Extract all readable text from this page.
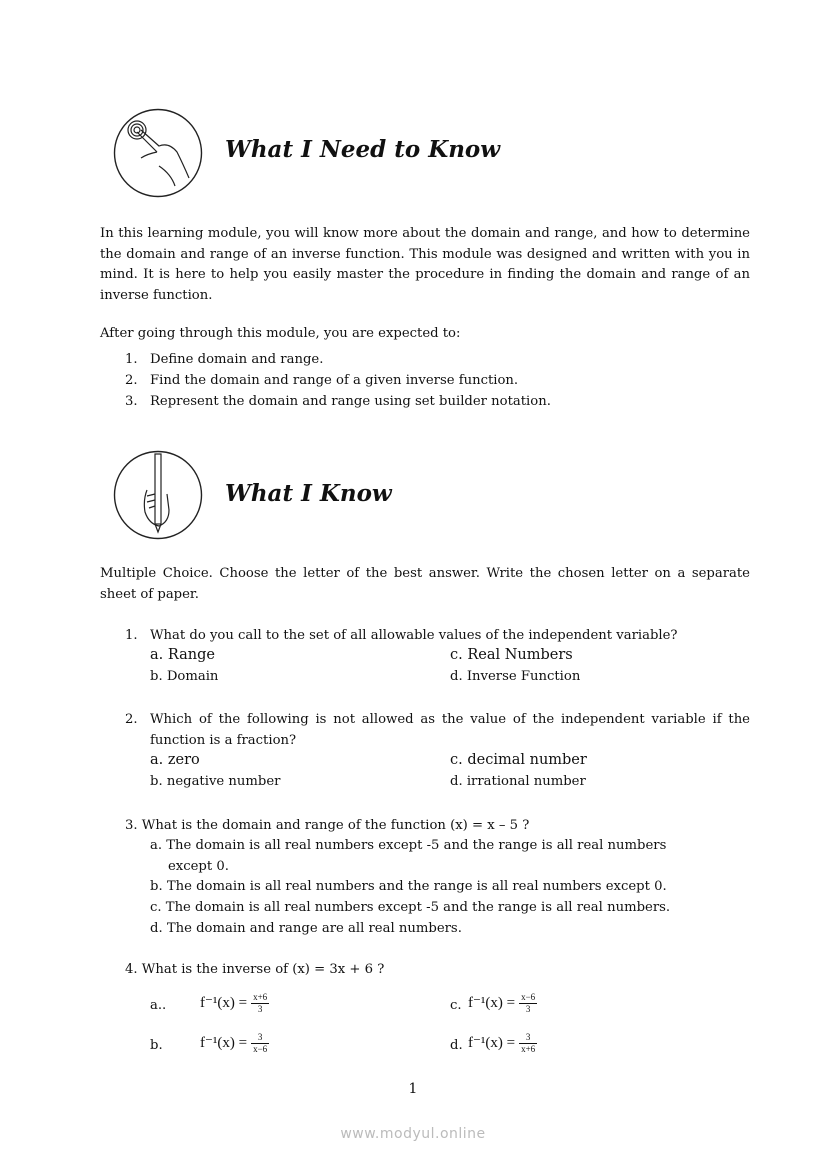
What I Need to Know
In this learning module, you will know more about the domain and range, and how to determine the domain and range of an inverse function. This module was designed and written with you in mind. It is here to help you easily master the procedure in finding the domain and range of an inverse function.
After going through this module, you are expected to:
1. Define domain and range.
2. Find the domain and range of a given inverse function.
3. Represent the domain and range using set builder notation.
What I Know
Multiple Choice. Choose the letter of the best answer. Write the chosen letter on a separate sheet of paper.
1. What do you call to the set of all allowable values of the independent variable?
a. Range	c. Real Numbers
b. Domain	d. Inverse Function
2. Which of the following is not allowed as the value of the independent variable if the function is a fraction?
a. zero	c. decimal number
b. negative number	d. irrational number
3. What is the domain and range of the function (x) = x – 5 ?
a. The domain is all real numbers except -5 and the range is all real numbers
except 0.
b. The domain is all real numbers and the range is all real numbers except 0.
c. The domain is all real numbers except -5 and the range is all real numbers.
d. The domain and range are all real numbers.
4. What is the inverse of (x) = 3x + 6 ?
a.. $f^{-1}(x) = \frac{x+6}{3}$	c. $f^{-1}(x) = \frac{x-6}{3}$
b. $f^{-1}(x) = \frac{3}{x-6}$	d. $f^{-1}(x) = \frac{3}{x+6}$
1
www.modyul.online
